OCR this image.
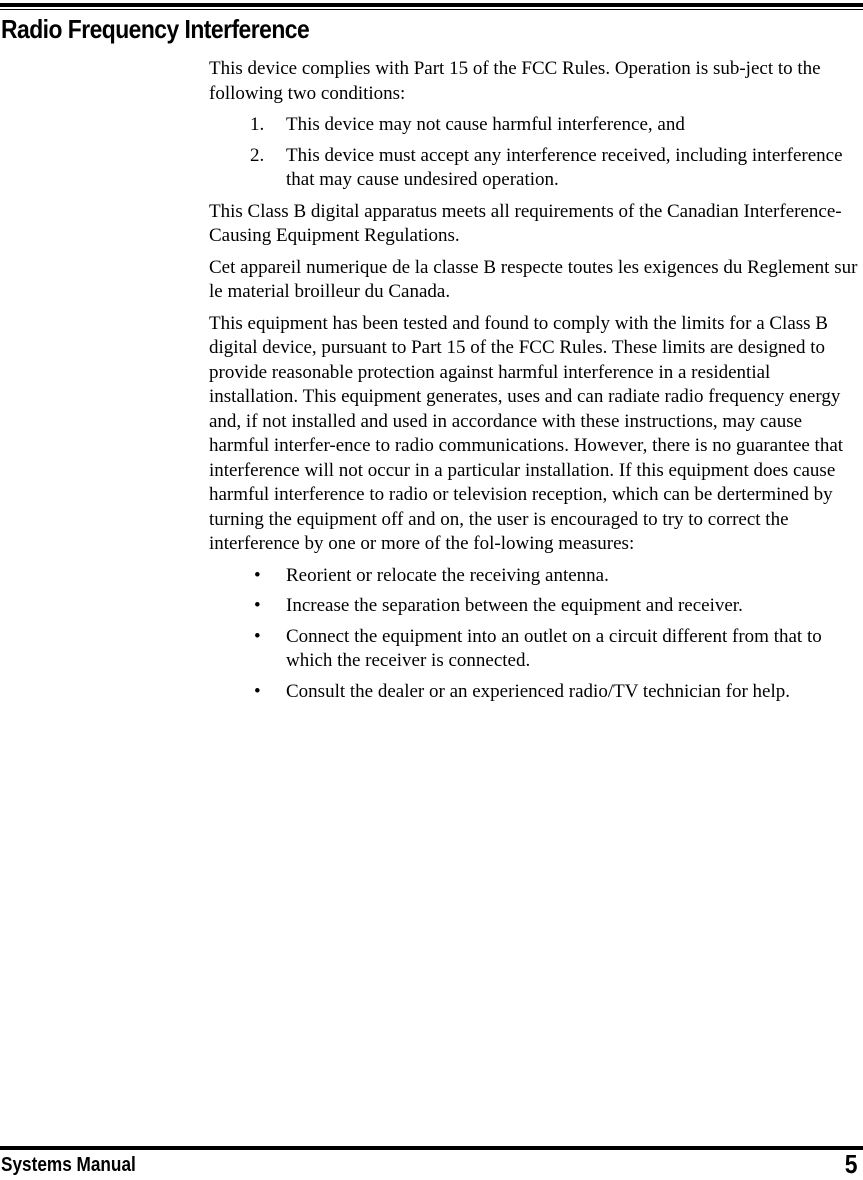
Radio Frequency Interference

This device complies with Part 15 of the FCC Rules. Operation is sub-ject to the following two conditions:

1. This device may not cause harmful interference, and
2. This device must accept any interference received, including interference that may cause undesired operation.

This Class B digital apparatus meets all requirements of the Canadian Interference-Causing Equipment Regulations.

Cet appareil numerique de la classe B respecte toutes les exigences du Reglement sur le material broilleur du Canada.

This equipment has been tested and found to comply with the limits for a Class B digital device, pursuant to Part 15 of the FCC Rules. These limits are designed to provide reasonable protection against harmful interference in a residential installation. This equipment generates, uses and can radiate radio frequency energy and, if not installed and used in accordance with these instructions, may cause harmful interfer-ence to radio communications. However, there is no guarantee that interference will not occur in a particular installation. If this equipment does cause harmful interference to radio or television reception, which can be dertermined by turning the equipment off and on, the user is encouraged to try to correct the interference by one or more of the fol-lowing measures:

• Reorient or relocate the receiving antenna.
• Increase the separation between the equipment and receiver.
• Connect the equipment into an outlet on a circuit different from that to which the receiver is connected.
• Consult the dealer or an experienced radio/TV technician for help.
Systems Manual	5
